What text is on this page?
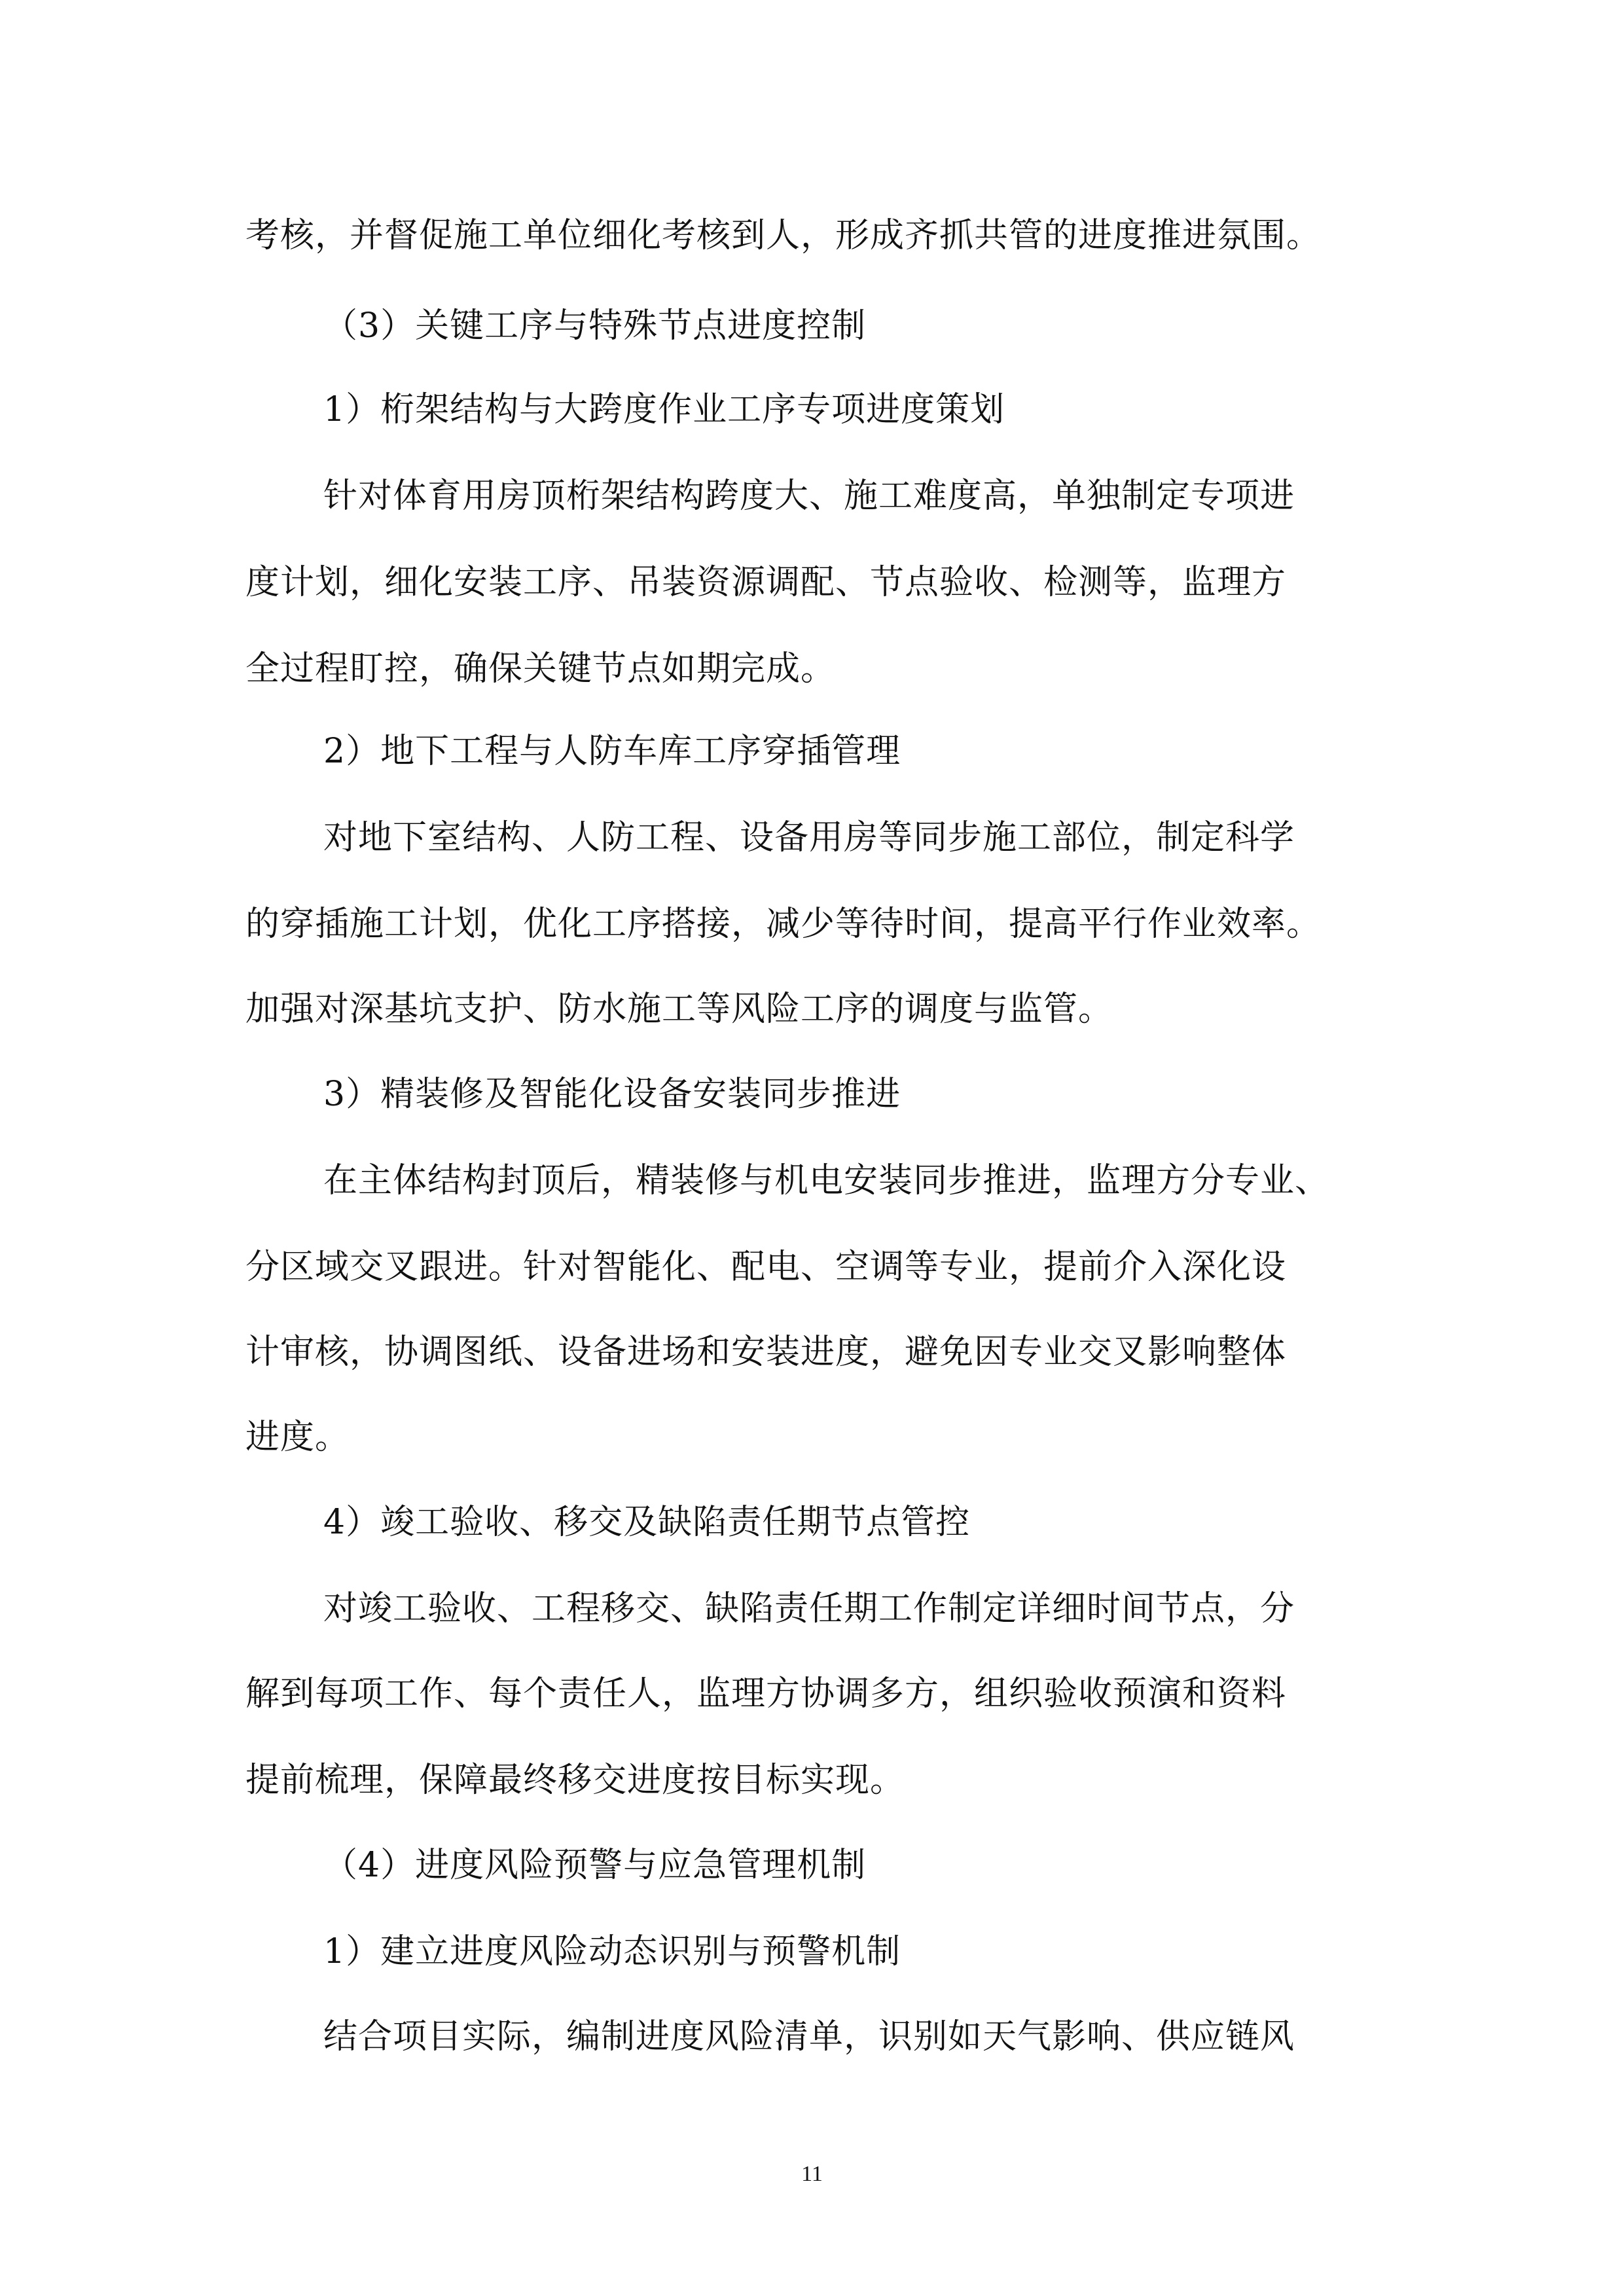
考核，并督促施工单位细化考核到人，形成齐抓共管的进度推进氛围。
（3）关键工序与特殊节点进度控制
1）桁架结构与大跨度作业工序专项进度策划
针对体育用房顶桁架结构跨度大、施工难度高，单独制定专项进
度计划，细化安装工序、吊装资源调配、节点验收、检测等，监理方
全过程盯控，确保关键节点如期完成。
2）地下工程与人防车库工序穿插管理
对地下室结构、人防工程、设备用房等同步施工部位，制定科学
的穿插施工计划，优化工序搭接，减少等待时间，提高平行作业效率。
加强对深基坑支护、防水施工等风险工序的调度与监管。
3）精装修及智能化设备安装同步推进
在主体结构封顶后，精装修与机电安装同步推进，监理方分专业、
分区域交叉跟进。针对智能化、配电、空调等专业，提前介入深化设
计审核，协调图纸、设备进场和安装进度，避免因专业交叉影响整体
进度。
4）竣工验收、移交及缺陷责任期节点管控
对竣工验收、工程移交、缺陷责任期工作制定详细时间节点，分
解到每项工作、每个责任人，监理方协调多方，组织验收预演和资料
提前梳理，保障最终移交进度按目标实现。
（4）进度风险预警与应急管理机制
1）建立进度风险动态识别与预警机制
结合项目实际，编制进度风险清单，识别如天气影响、供应链风
11
